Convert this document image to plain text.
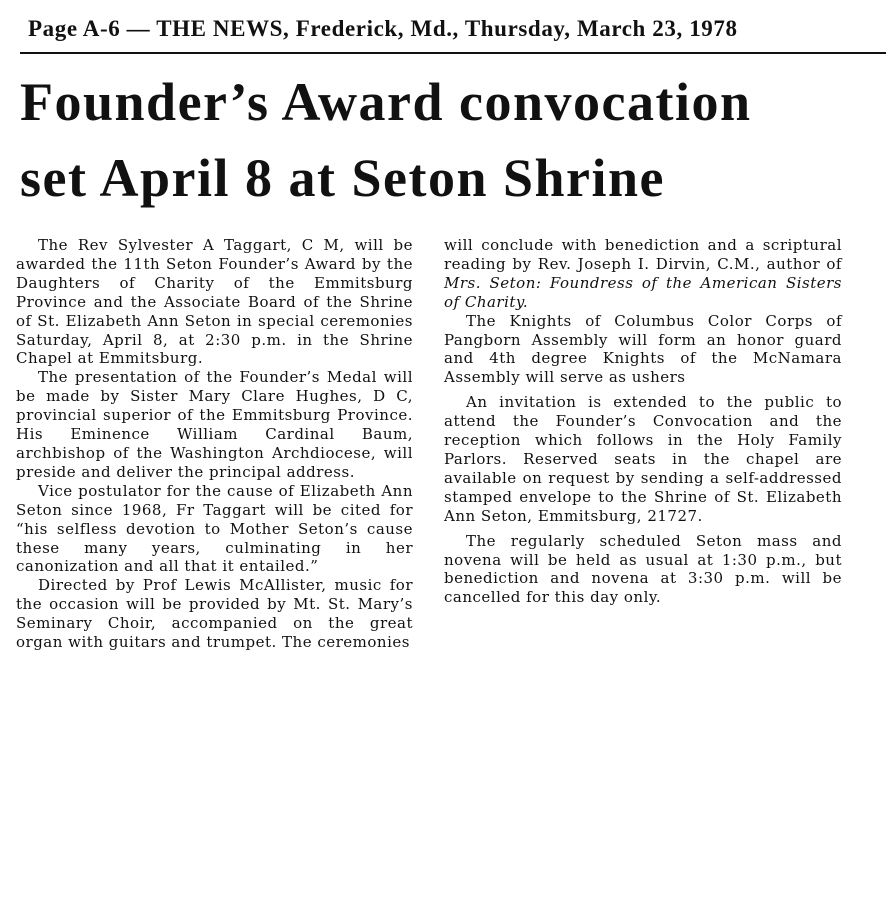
Page A-6 — THE NEWS, Frederick, Md., Thursday, March 23, 1978
Founder’s Award convocation
set April 8 at Seton Shrine

The Rev Sylvester A Taggart, C M, will be awarded the 11th Seton Founder’s Award by the Daughters of Charity of the Emmitsburg Province and the Associate Board of the Shrine of St. Elizabeth Ann Seton in special ceremonies Saturday, April 8, at 2:30 p.m. in the Shrine Chapel at Emmitsburg.

The presentation of the Founder’s Medal will be made by Sister Mary Clare Hughes, D C, provincial superior of the Emmitsburg Province. His Eminence William Cardinal Baum, archbishop of the Washington Archdiocese, will preside and deliver the principal address.

Vice postulator for the cause of Elizabeth Ann Seton since 1968, Fr Taggart will be cited for “his selfless devotion to Mother Seton’s cause these many years, culminating in her canonization and all that it entailed.”

Directed by Prof Lewis McAllister, music for the occasion will be provided by Mt. St. Mary’s Seminary Choir, accompanied on the great organ with guitars and trumpet. The ceremonies

will conclude with benediction and a scriptural reading by Rev. Joseph I. Dirvin, C.M., author of Mrs. Seton: Foundress of the American Sisters of Charity.

The Knights of Columbus Color Corps of Pangborn Assembly will form an honor guard and 4th degree Knights of the McNamara Assembly will serve as ushers

An invitation is extended to the public to attend the Founder’s Convocation and the reception which follows in the Holy Family Parlors. Reserved seats in the chapel are available on request by sending a self-addressed stamped envelope to the Shrine of St. Elizabeth Ann Seton, Emmitsburg, 21727.

The regularly scheduled Seton mass and novena will be held as usual at 1:30 p.m., but benediction and novena at 3:30 p.m. will be cancelled for this day only.
